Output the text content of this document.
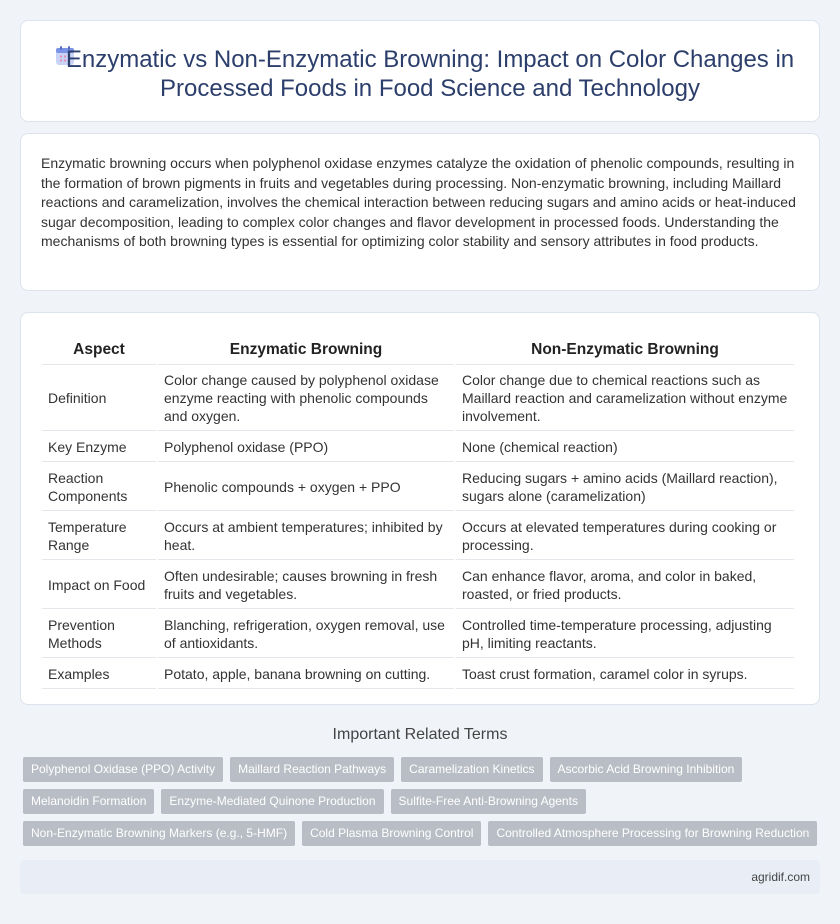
Enzymatic vs Non-Enzymatic Browning: Impact on Color Changes in Processed Foods in Food Science and Technology

Enzymatic browning occurs when polyphenol oxidase enzymes catalyze the oxidation of phenolic compounds, resulting in the formation of brown pigments in fruits and vegetables during processing. Non-enzymatic browning, including Maillard reactions and caramelization, involves the chemical interaction between reducing sugars and amino acids or heat-induced sugar decomposition, leading to complex color changes and flavor development in processed foods. Understanding the mechanisms of both browning types is essential for optimizing color stability and sensory attributes in food products.

Aspect	Enzymatic Browning	Non-Enzymatic Browning
Definition	Color change caused by polyphenol oxidase enzyme reacting with phenolic compounds and oxygen.	Color change due to chemical reactions such as Maillard reaction and caramelization without enzyme involvement.
Key Enzyme	Polyphenol oxidase (PPO)	None (chemical reaction)
Reaction Components	Phenolic compounds + oxygen + PPO	Reducing sugars + amino acids (Maillard reaction), sugars alone (caramelization)
Temperature Range	Occurs at ambient temperatures; inhibited by heat.	Occurs at elevated temperatures during cooking or processing.
Impact on Food	Often undesirable; causes browning in fresh fruits and vegetables.	Can enhance flavor, aroma, and color in baked, roasted, or fried products.
Prevention Methods	Blanching, refrigeration, oxygen removal, use of antioxidants.	Controlled time-temperature processing, adjusting pH, limiting reactants.
Examples	Potato, apple, banana browning on cutting.	Toast crust formation, caramel color in syrups.
Important Related Terms
Polyphenol Oxidase (PPO) Activity	Maillard Reaction Pathways	Caramelization Kinetics	Ascorbic Acid Browning Inhibition
Melanoidin Formation	Enzyme-Mediated Quinone Production	Sulfite-Free Anti-Browning Agents
Non-Enzymatic Browning Markers (e.g., 5-HMF)	Cold Plasma Browning Control	Controlled Atmosphere Processing for Browning Reduction
agridif.com
